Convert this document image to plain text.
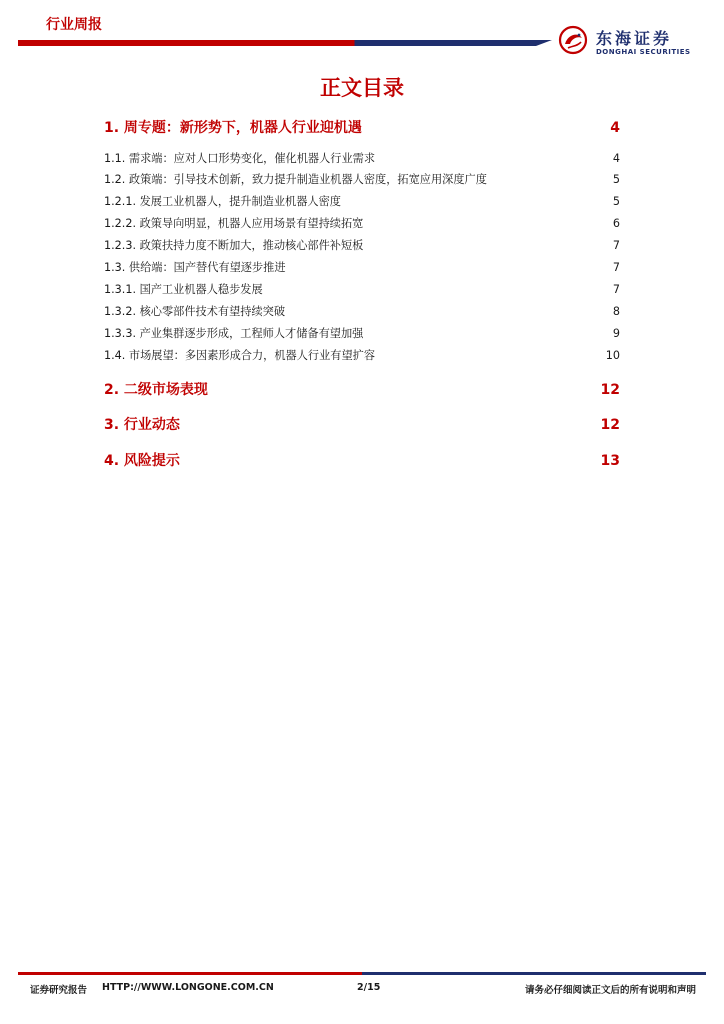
行业周报
东海证券
DONGHAI SECURITIES
正文目录
1. 周专题：新形势下，机器人行业迎机遇	4
1.1. 需求端：应对人口形势变化，催化机器人行业需求	4
1.2. 政策端：引导技术创新，致力提升制造业机器人密度，拓宽应用深度广度	5
1.2.1. 发展工业机器人，提升制造业机器人密度	5
1.2.2. 政策导向明显，机器人应用场景有望持续拓宽	6
1.2.3. 政策扶持力度不断加大，推动核心部件补短板	7
1.3. 供给端：国产替代有望逐步推进	7
1.3.1. 国产工业机器人稳步发展	7
1.3.2. 核心零部件技术有望持续突破	8
1.3.3. 产业集群逐步形成，工程师人才储备有望加强	9
1.4. 市场展望：多因素形成合力，机器人行业有望扩容	10
2. 二级市场表现	12
3. 行业动态	12
4. 风险提示	13
证券研究报告 HTTP://WWW.LONGONE.COM.CN	2/15	请务必仔细阅读正文后的所有说明和声明
